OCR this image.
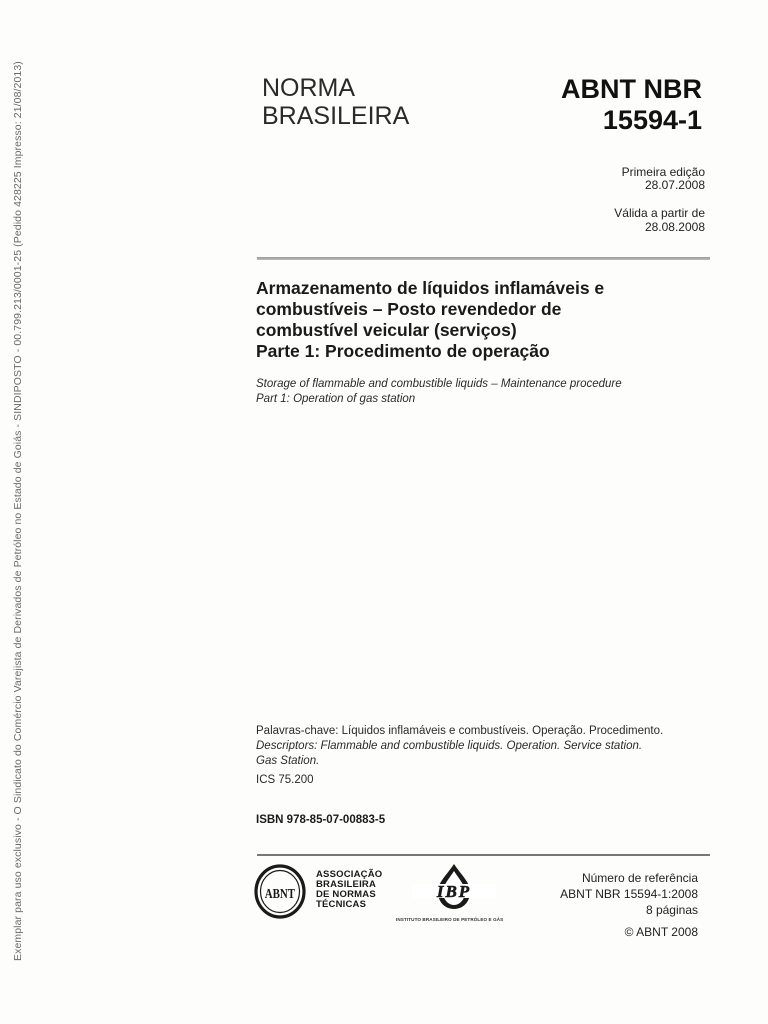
Exemplar para uso exclusivo - O Sindicato do Comércio Varejista de Derivados de Petróleo no Estado de Goiás - SINDIPOSTO - 00.799.213/0001-25 (Pedido 428225 Impresso: 21/08/2013)	NORMA
BRASILEIRA
ABNT NBR
15594-1
Primeira edição
28.07.2008
Válida a partir de
28.08.2008
Armazenamento de líquidos inflamáveis e
combustíveis – Posto revendedor de
combustível veicular (serviços)
Parte 1: Procedimento de operação
Storage of flammable and combustible liquids – Maintenance procedure
Part 1: Operation of gas station
Palavras-chave: Líquidos inflamáveis e combustíveis. Operação. Procedimento.
Descriptors: Flammable and combustible liquids. Operation. Service station.
Gas Station.
ICS 75.200
ISBN 978-85-07-00883-5
ABNT
ASSOCIAÇÃO
BRASILEIRA
DE NORMAS
TÉCNICAS
IBP
INSTITUTO BRASILEIRO DE PETRÓLEO E GÁS
Número de referência
ABNT NBR 15594-1:2008
8 páginas
© ABNT 2008
